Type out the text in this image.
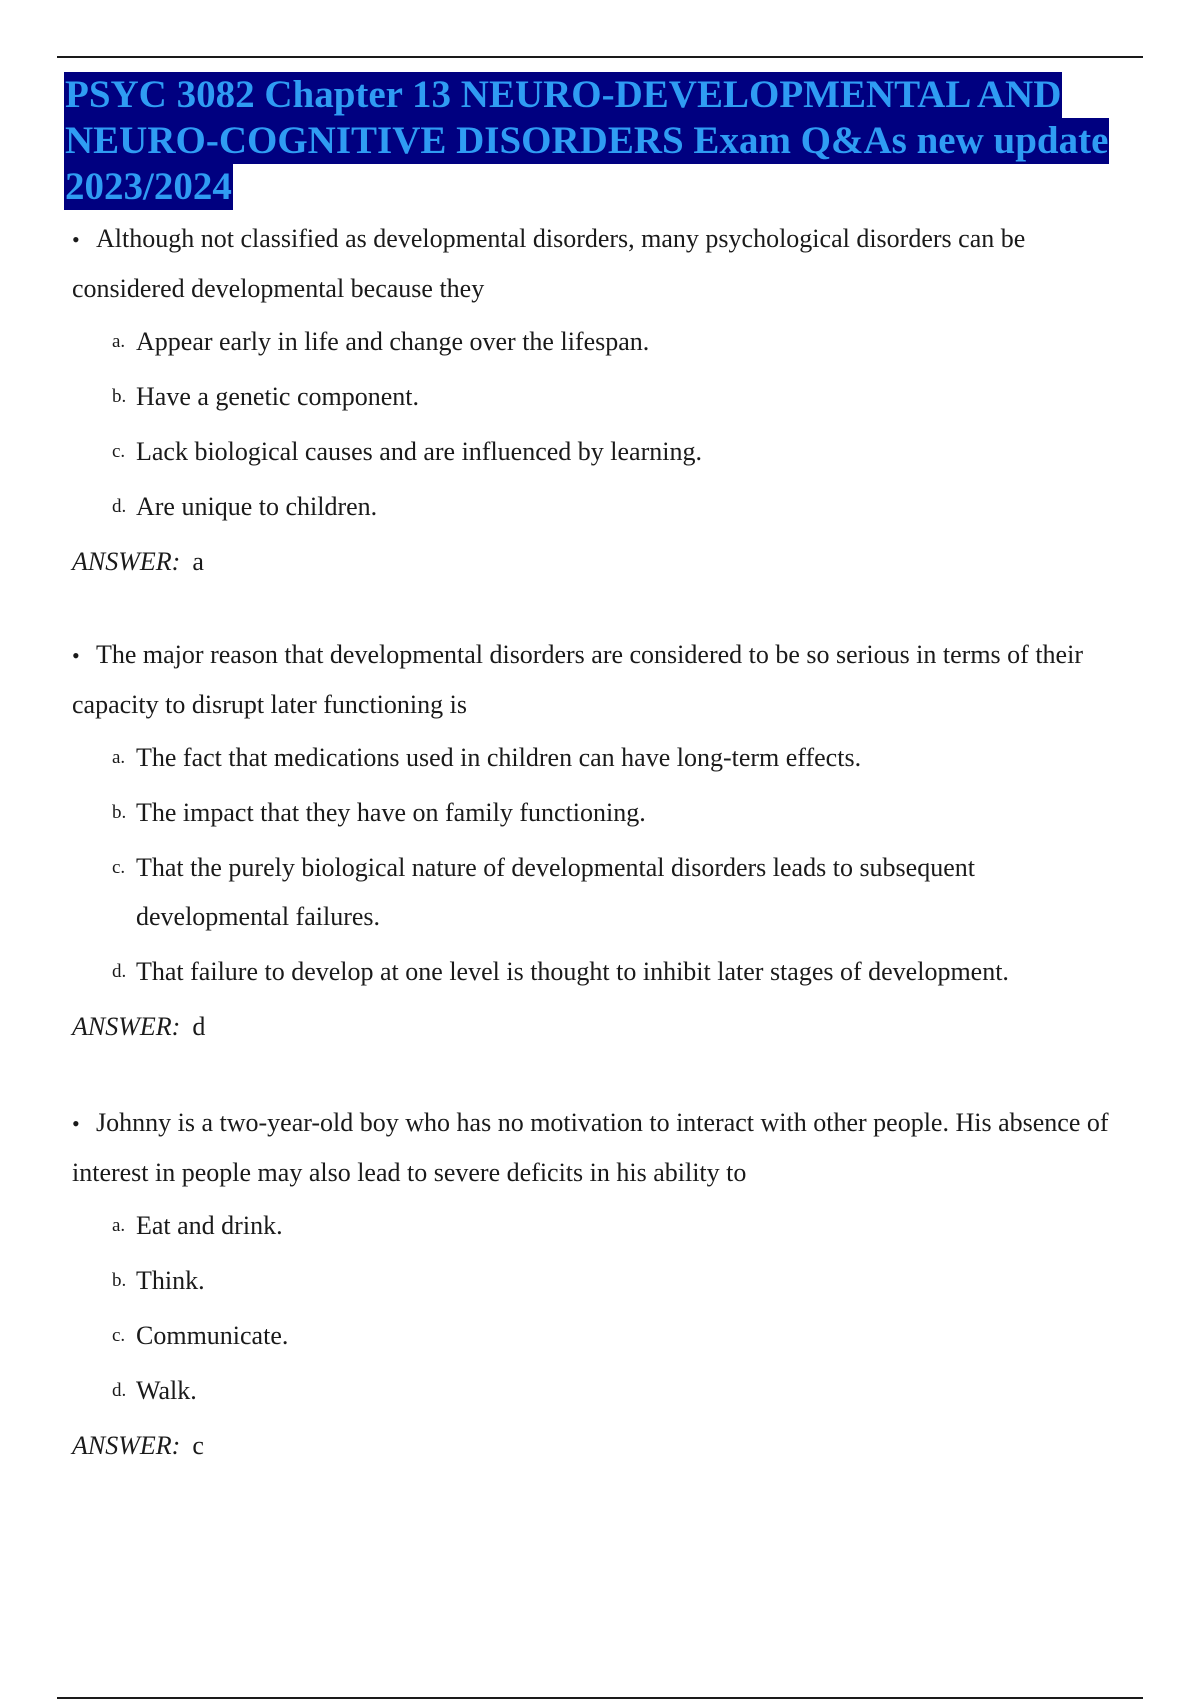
PSYC 3082 Chapter 13 NEURO-DEVELOPMENTAL AND
NEURO-COGNITIVE DISORDERS Exam Q&As new update
2023/2024
• Although not classified as developmental disorders, many psychological disorders can be considered developmental because they
a. Appear early in life and change over the lifespan.
b. Have a genetic component.
c. Lack biological causes and are influenced by learning.
d. Are unique to children.
ANSWER: a
• The major reason that developmental disorders are considered to be so serious in terms of their capacity to disrupt later functioning is
a. The fact that medications used in children can have long-term effects.
b. The impact that they have on family functioning.
c. That the purely biological nature of developmental disorders leads to subsequent developmental failures.
d. That failure to develop at one level is thought to inhibit later stages of development.
ANSWER: d
• Johnny is a two-year-old boy who has no motivation to interact with other people. His absence of interest in people may also lead to severe deficits in his ability to
a. Eat and drink.
b. Think.
c. Communicate.
d. Walk.
ANSWER: c
